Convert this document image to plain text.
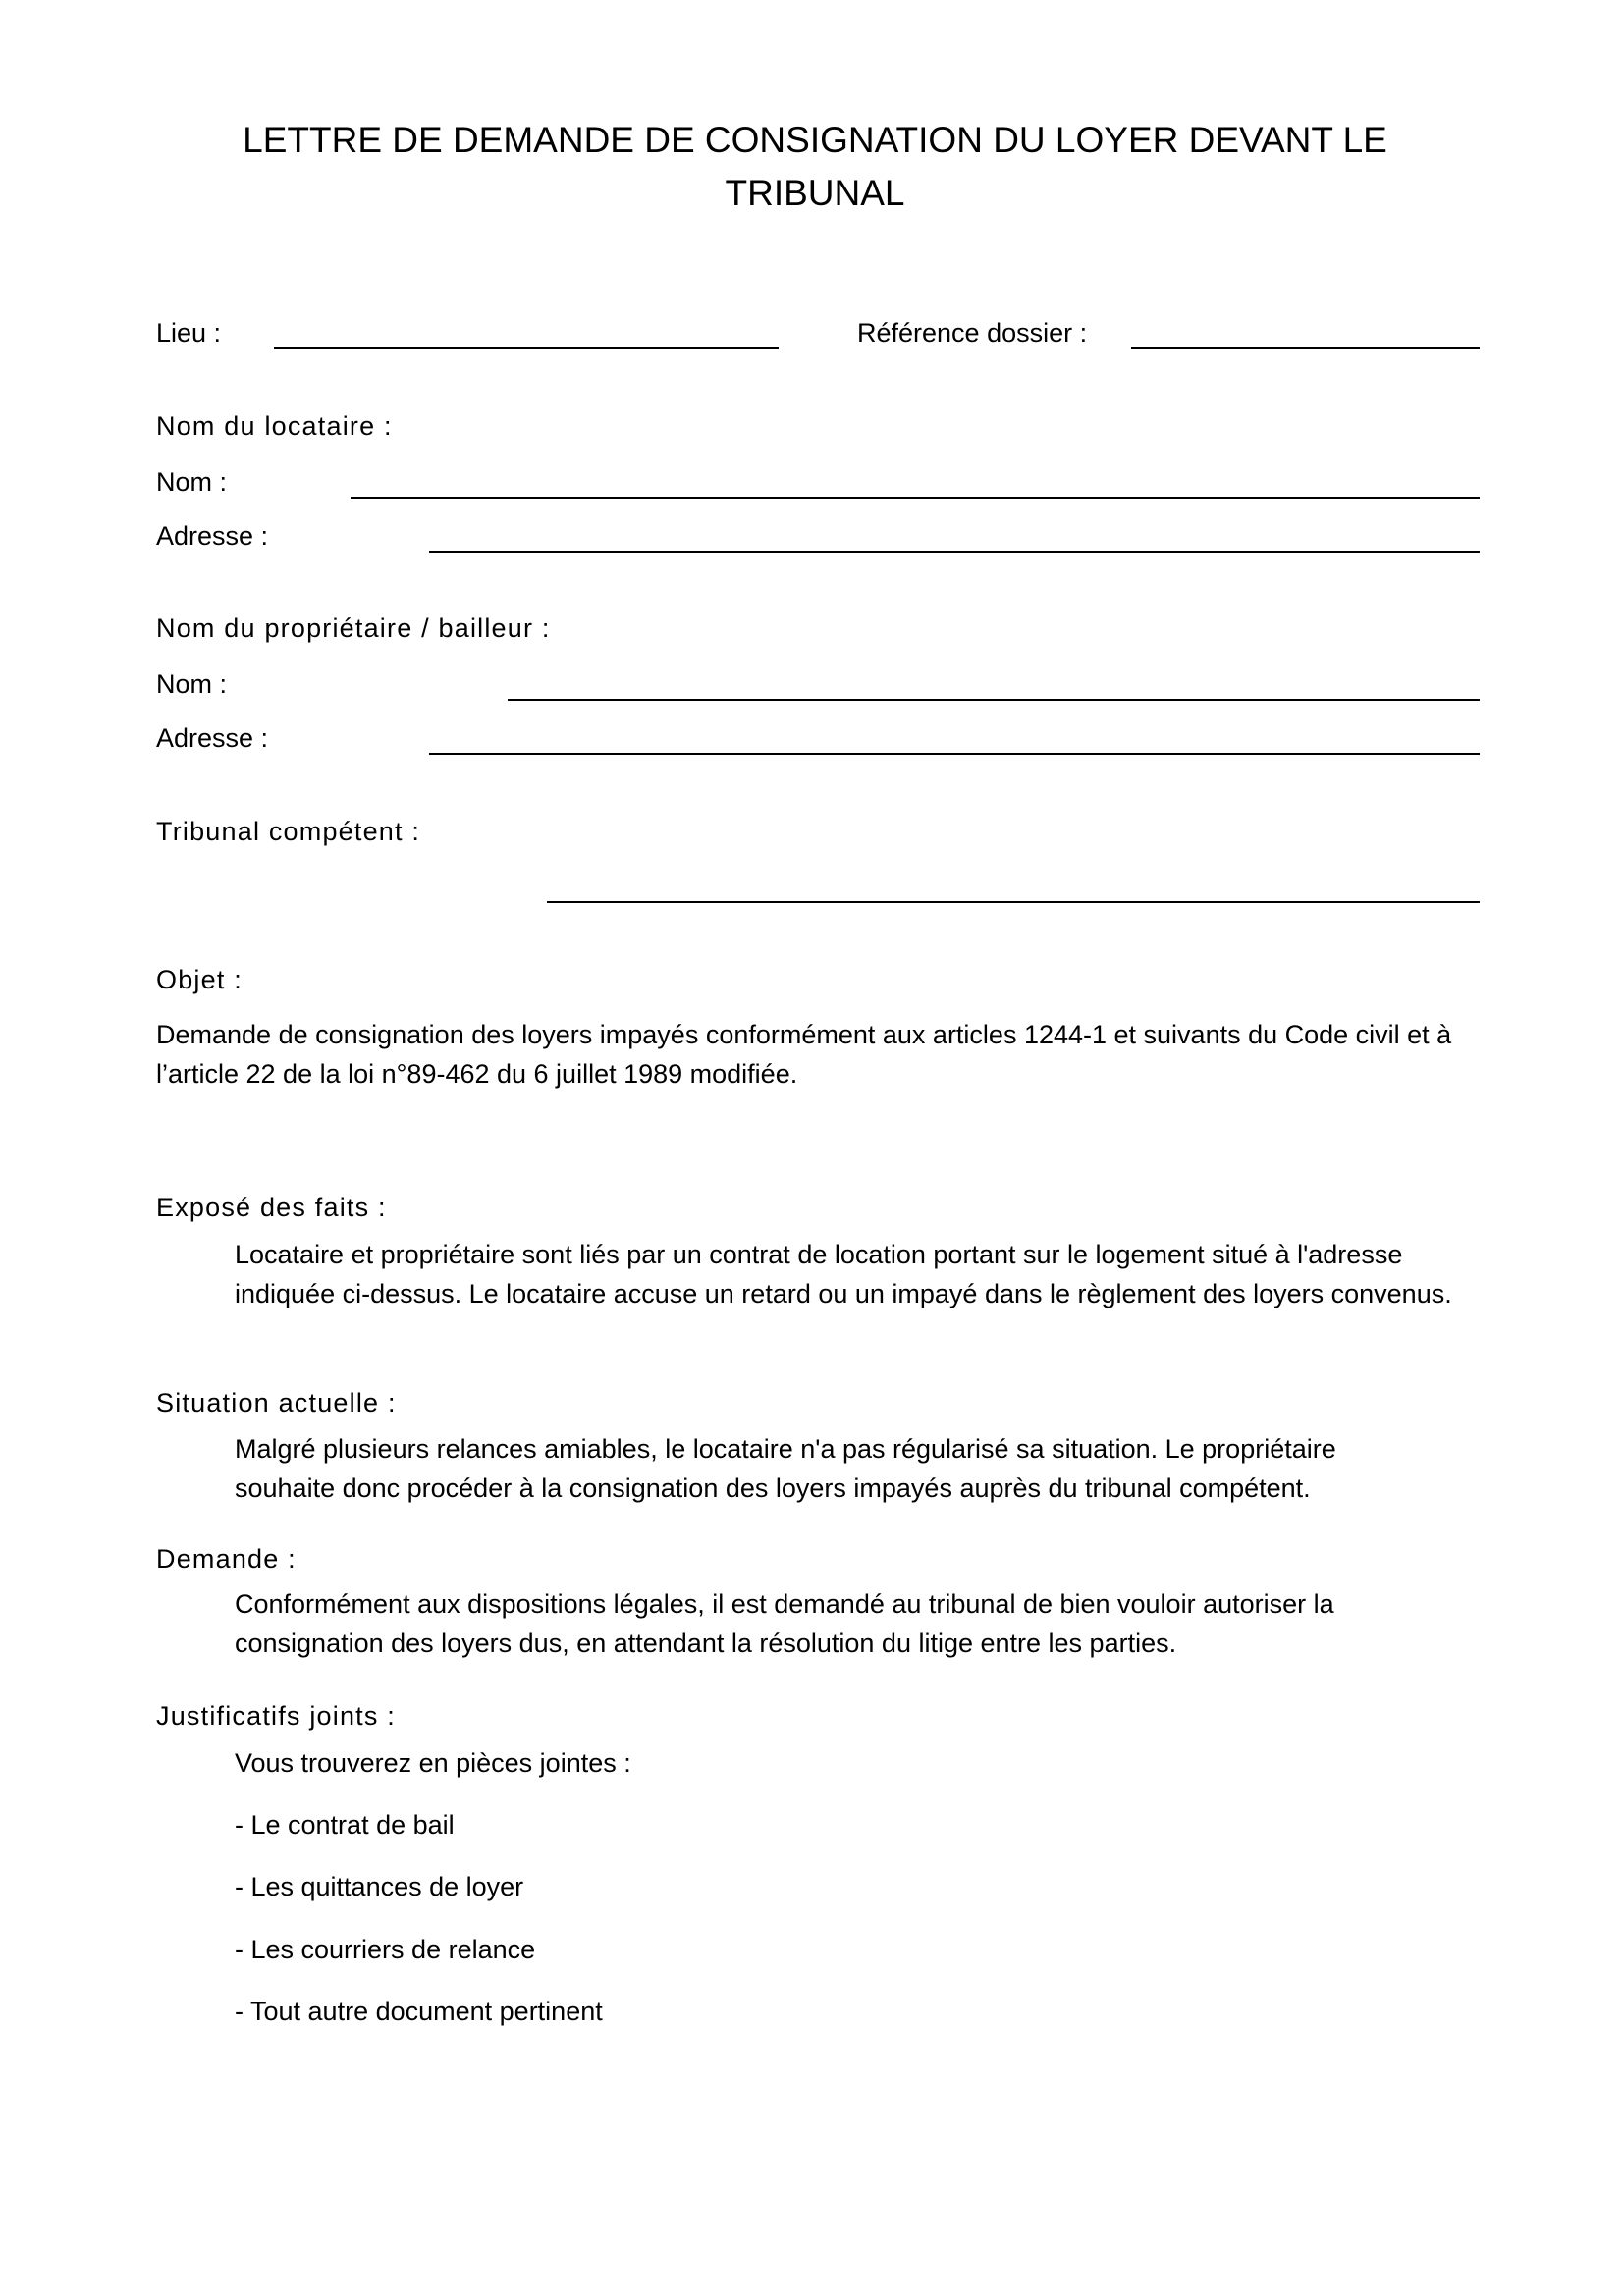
LETTRE DE DEMANDE DE CONSIGNATION DU LOYER DEVANT LE TRIBUNAL
Lieu :	Référence dossier :
Nom du locataire :
Nom :
Adresse :
Nom du propriétaire / bailleur :
Nom :
Adresse :
Tribunal compétent :
Objet :
Demande de consignation des loyers impayés conformément aux articles 1244-1 et suivants du Code civil et à l’article 22 de la loi n°89-462 du 6 juillet 1989 modifiée.
Exposé des faits :
Locataire et propriétaire sont liés par un contrat de location portant sur le logement situé à l'adresse indiquée ci-dessus. Le locataire accuse un retard ou un impayé dans le règlement des loyers convenus.
Situation actuelle :
Malgré plusieurs relances amiables, le locataire n'a pas régularisé sa situation. Le propriétaire souhaite donc procéder à la consignation des loyers impayés auprès du tribunal compétent.
Demande :
Conformément aux dispositions légales, il est demandé au tribunal de bien vouloir autoriser la consignation des loyers dus, en attendant la résolution du litige entre les parties.
Justificatifs joints :
Vous trouverez en pièces jointes :
- Le contrat de bail
- Les quittances de loyer
- Les courriers de relance
- Tout autre document pertinent
